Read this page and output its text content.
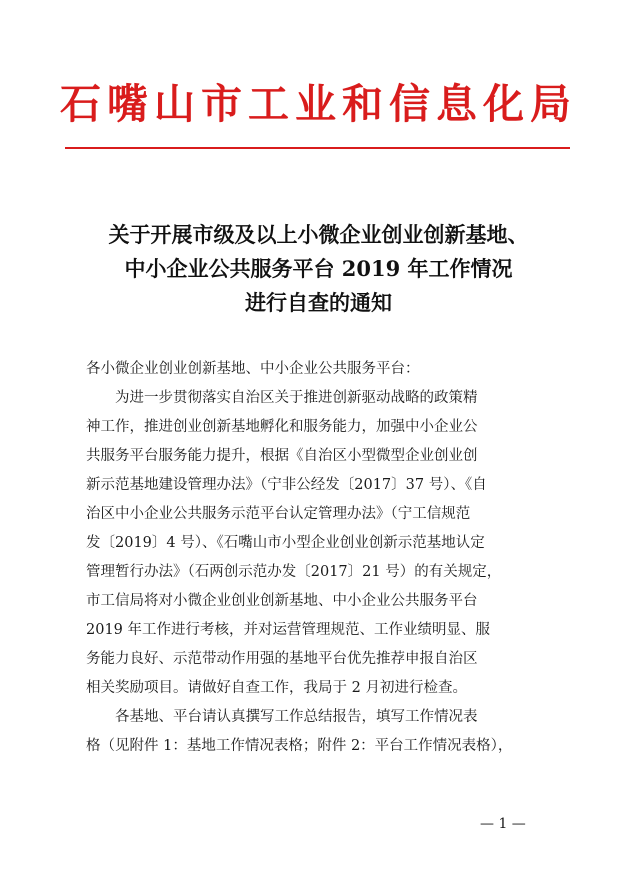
石嘴山市工业和信息化局
关于开展市级及以上小微企业创业创新基地、
中小企业公共服务平台 2019 年工作情况
进行自查的通知
各小微企业创业创新基地、中小企业公共服务平台：
为进一步贯彻落实自治区关于推进创新驱动战略的政策精
神工作，推进创业创新基地孵化和服务能力，加强中小企业公
共服务平台服务能力提升，根据《自治区小型微型企业创业创
新示范基地建设管理办法》（宁非公经发〔2017〕37 号）、《自
治区中小企业公共服务示范平台认定管理办法》（宁工信规范
发〔2019〕4 号）、《石嘴山市小型企业创业创新示范基地认定
管理暂行办法》（石两创示范办发〔2017〕21 号）的有关规定，
市工信局将对小微企业创业创新基地、中小企业公共服务平台
2019 年工作进行考核，并对运营管理规范、工作业绩明显、服
务能力良好、示范带动作用强的基地平台优先推荐申报自治区
相关奖励项目。请做好自查工作，我局于 2 月初进行检查。
各基地、平台请认真撰写工作总结报告，填写工作情况表
格（见附件 1：基地工作情况表格；附件 2：平台工作情况表格），
— 1 —
